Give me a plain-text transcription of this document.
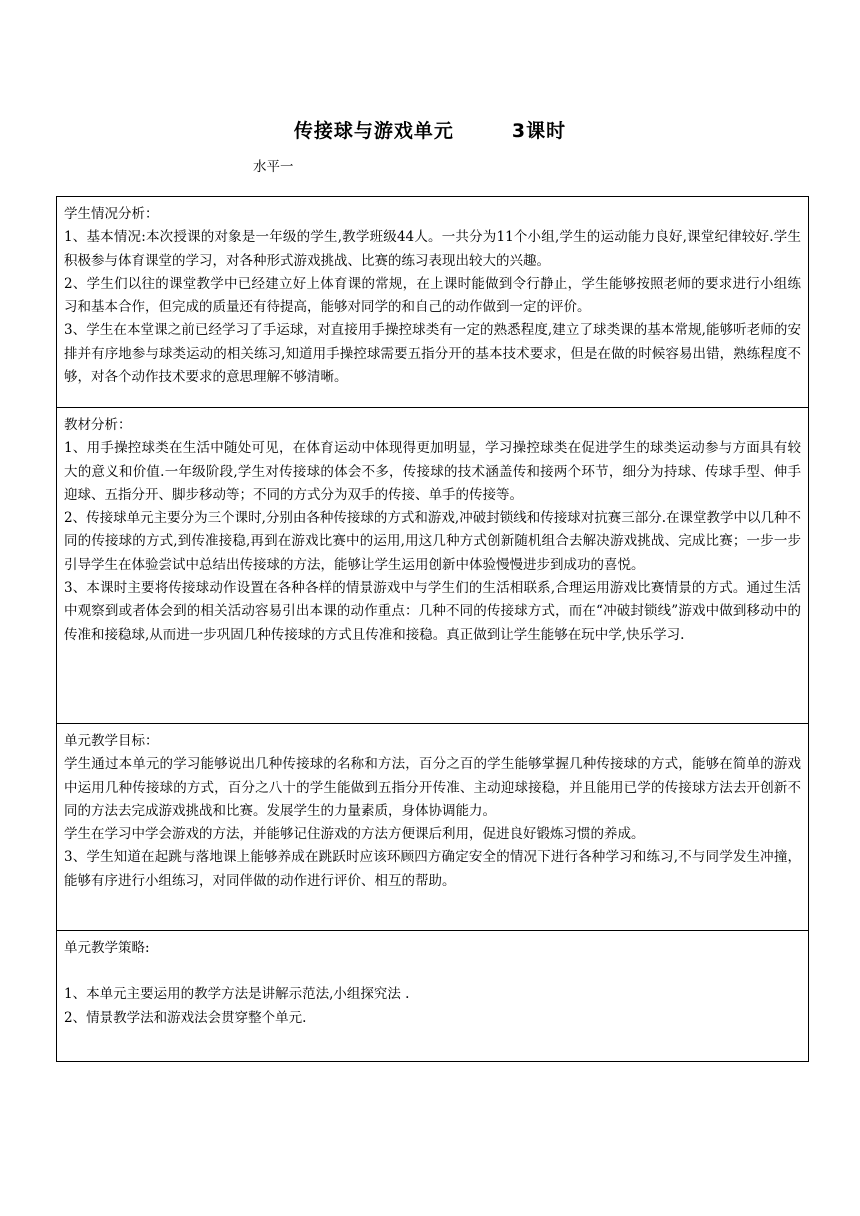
传接球与游戏单元	3课时
水平一
学生情况分析：
1、基本情况:本次授课的对象是一年级的学生,教学班级44人。一共分为11个小组,学生的运动能力良好,课堂纪律较好.学生积极参与体育课堂的学习，对各种形式游戏挑战、比赛的练习表现出较大的兴趣。
2、学生们以往的课堂教学中已经建立好上体育课的常规，在上课时能做到令行静止，学生能够按照老师的要求进行小组练习和基本合作，但完成的质量还有待提高，能够对同学的和自己的动作做到一定的评价。
3、学生在本堂课之前已经学习了手运球，对直接用手操控球类有一定的熟悉程度,建立了球类课的基本常规,能够听老师的安排并有序地参与球类运动的相关练习,知道用手操控球需要五指分开的基本技术要求，但是在做的时候容易出错，熟练程度不够，对各个动作技术要求的意思理解不够清晰。

教材分析：
1、用手操控球类在生活中随处可见，在体育运动中体现得更加明显，学习操控球类在促进学生的球类运动参与方面具有较大的意义和价值.一年级阶段,学生对传接球的体会不多，传接球的技术涵盖传和接两个环节，细分为持球、传球手型、伸手迎球、五指分开、脚步移动等；不同的方式分为双手的传接、单手的传接等。
2、传接球单元主要分为三个课时,分别由各种传接球的方式和游戏,冲破封锁线和传接球对抗赛三部分.在课堂教学中以几种不同的传接球的方式,到传准接稳,再到在游戏比赛中的运用,用这几种方式创新随机组合去解决游戏挑战、完成比赛；一步一步引导学生在体验尝试中总结出传接球的方法，能够让学生运用创新中体验慢慢进步到成功的喜悦。
3、本课时主要将传接球动作设置在各种各样的情景游戏中与学生们的生活相联系,合理运用游戏比赛情景的方式。通过生活中观察到或者体会到的相关活动容易引出本课的动作重点：几种不同的传接球方式，而在“冲破封锁线”游戏中做到移动中的传准和接稳球,从而进一步巩固几种传接球的方式且传准和接稳。真正做到让学生能够在玩中学,快乐学习.

单元教学目标：
学生通过本单元的学习能够说出几种传接球的名称和方法，百分之百的学生能够掌握几种传接球的方式，能够在简单的游戏中运用几种传接球的方式，百分之八十的学生能做到五指分开传准、主动迎球接稳，并且能用已学的传接球方法去开创新不同的方法去完成游戏挑战和比赛。发展学生的力量素质，身体协调能力。
学生在学习中学会游戏的方法，并能够记住游戏的方法方便课后利用，促进良好锻炼习惯的养成。
3、学生知道在起跳与落地课上能够养成在跳跃时应该环顾四方确定安全的情况下进行各种学习和练习,不与同学发生冲撞，能够有序进行小组练习，对同伴做的动作进行评价、相互的帮助。

单元教学策略:
1、本单元主要运用的教学方法是讲解示范法,小组探究法 .
2、情景教学法和游戏法会贯穿整个单元.
